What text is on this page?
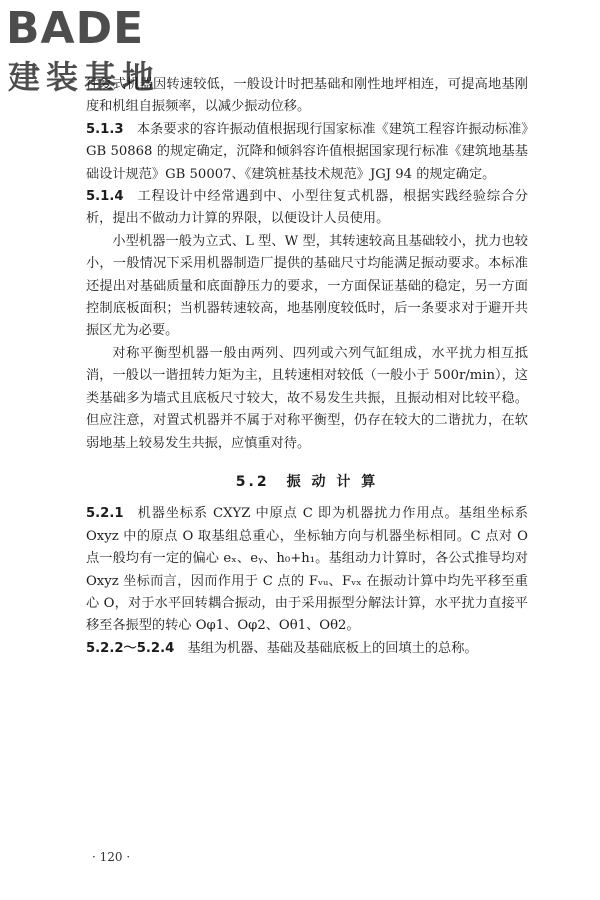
BADE
建装基地

往复式机器因转速较低，一般设计时把基础和刚性地坪相连，可提高地基刚度和机组自振频率，以减少振动位移。

5.1.3 本条要求的容许振动值根据现行国家标准《建筑工程容许振动标准》GB 50868 的规定确定，沉降和倾斜容许值根据国家现行标准《建筑地基基础设计规范》GB 50007、《建筑桩基技术规范》JGJ 94 的规定确定。

5.1.4 工程设计中经常遇到中、小型往复式机器，根据实践经验综合分析，提出不做动力计算的界限，以便设计人员使用。

小型机器一般为立式、L 型、W 型，其转速较高且基础较小，扰力也较小，一般情况下采用机器制造厂提供的基础尺寸均能满足振动要求。本标准还提出对基础质量和底面静压力的要求，一方面保证基础的稳定，另一方面控制底板面积；当机器转速较高，地基刚度较低时，后一条要求对于避开共振区尤为必要。

对称平衡型机器一般由两列、四列或六列气缸组成，水平扰力相互抵消，一般以一谐扭转力矩为主，且转速相对较低（一般小于 500r/min），这类基础多为墙式且底板尺寸较大，故不易发生共振，且振动相对比较平稳。但应注意，对置式机器并不属于对称平衡型，仍存在较大的二谐扰力，在软弱地基上较易发生共振，应慎重对待。

5.2　振 动 计 算

5.2.1 机器坐标系 CXYZ 中原点 C 即为机器扰力作用点。基组坐标系 Oxyz 中的原点 O 取基组总重心，坐标轴方向与机器坐标相同。C 点对 O 点一般均有一定的偏心 eₓ、eᵧ、h₀+h₁。基组动力计算时，各公式推导均对 Oxyz 坐标而言，因而作用于 C 点的 Fᵥᵤ、Fᵥₓ 在振动计算中均先平移至重心 O，对于水平回转耦合振动，由于采用振型分解法计算，水平扰力直接平移至各振型的转心 Oφ1、Oφ2、Oθ1、Oθ2。

5.2.2～5.2.4 基组为机器、基础及基础底板上的回填土的总称。

· 120 ·
